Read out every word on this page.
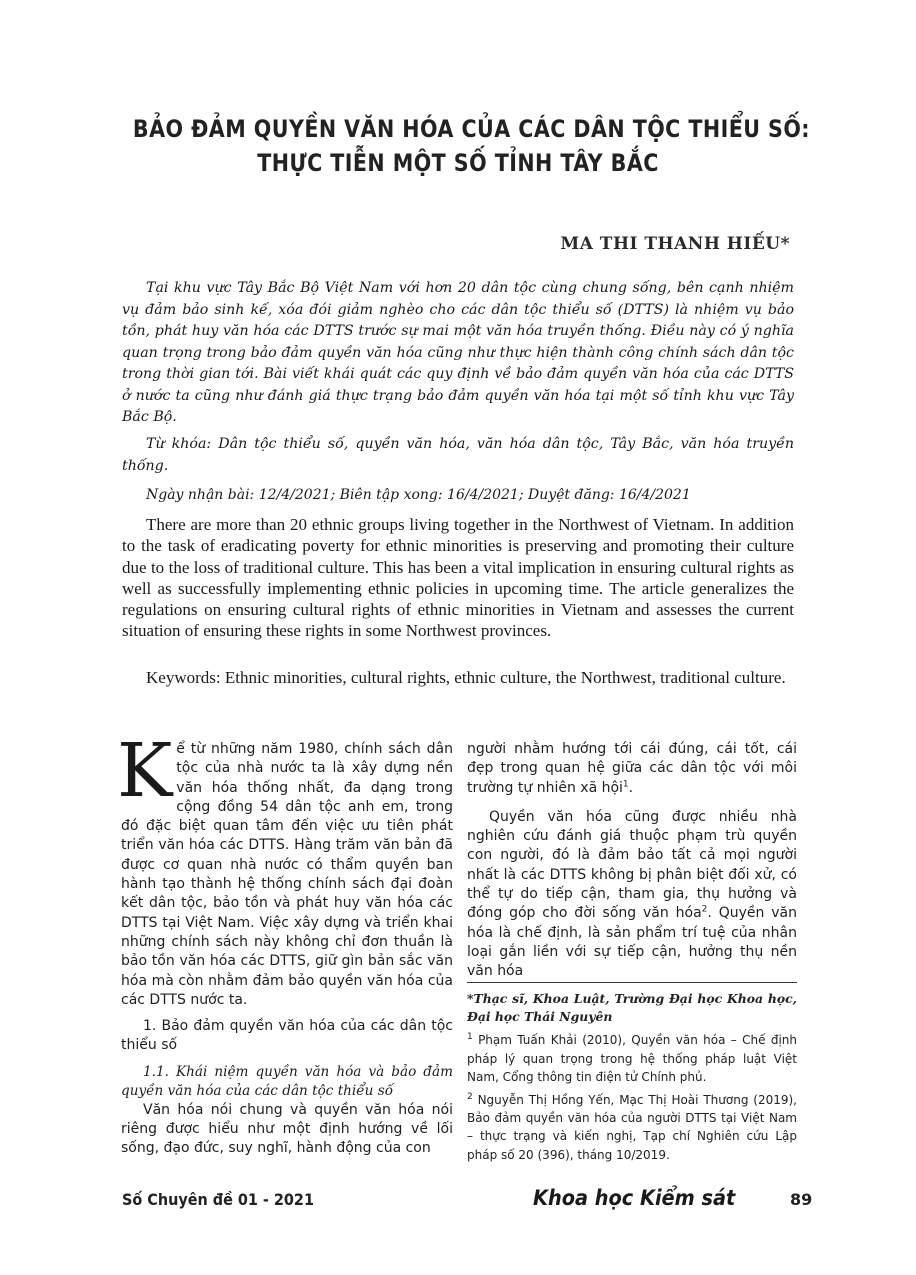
BẢO ĐẢM QUYỀN VĂN HÓA CỦA CÁC DÂN TỘC THIỂU SỐ:
THỰC TIỄN MỘT SỐ TỈNH TÂY BẮC
MA THI THANH HIẾU*

Tại khu vực Tây Bắc Bộ Việt Nam với hơn 20 dân tộc cùng chung sống, bên cạnh nhiệm vụ đảm bảo sinh kế, xóa đói giảm nghèo cho các dân tộc thiểu số (DTTS) là nhiệm vụ bảo tồn, phát huy văn hóa các DTTS trước sự mai một văn hóa truyền thống. Điều này có ý nghĩa quan trọng trong bảo đảm quyền văn hóa cũng như thực hiện thành công chính sách dân tộc trong thời gian tới. Bài viết khái quát các quy định về bảo đảm quyền văn hóa của các DTTS ở nước ta cũng như đánh giá thực trạng bảo đảm quyền văn hóa tại một số tỉnh khu vực Tây Bắc Bộ.

Từ khóa: Dân tộc thiểu số, quyền văn hóa, văn hóa dân tộc, Tây Bắc, văn hóa truyền thống.
Ngày nhận bài: 12/4/2021; Biên tập xong: 16/4/2021; Duyệt đăng: 16/4/2021

There are more than 20 ethnic groups living together in the Northwest of Vietnam. In addition to the task of eradicating poverty for ethnic minorities is preserving and promoting their culture due to the loss of traditional culture. This has been a vital implication in ensuring cultural rights as well as successfully implementing ethnic policies in upcoming time. The article generalizes the regulations on ensuring cultural rights of ethnic minorities in Vietnam and assesses the current situation of ensuring these rights in some Northwest provinces.

Keywords: Ethnic minorities, cultural rights, ethnic culture, the Northwest, traditional culture.

Kể từ những năm 1980, chính sách dân tộc của nhà nước ta là xây dựng nền văn hóa thống nhất, đa dạng trong cộng đồng 54 dân tộc anh em, trong đó đặc biệt quan tâm đến việc ưu tiên phát triển văn hóa các DTTS. Hàng trăm văn bản đã được cơ quan nhà nước có thẩm quyền ban hành tạo thành hệ thống chính sách đại đoàn kết dân tộc, bảo tồn và phát huy văn hóa các DTTS tại Việt Nam. Việc xây dựng và triển khai những chính sách này không chỉ đơn thuần là bảo tồn văn hóa các DTTS, giữ gìn bản sắc văn hóa mà còn nhằm đảm bảo quyền văn hóa của các DTTS nước ta.

1. Bảo đảm quyền văn hóa của các dân tộc thiểu số

1.1. Khái niệm quyền văn hóa và bảo đảm quyền văn hóa của các dân tộc thiểu số

Văn hóa nói chung và quyền văn hóa nói riêng được hiểu như một định hướng về lối sống, đạo đức, suy nghĩ, hành động của con

người nhằm hướng tới cái đúng, cái tốt, cái đẹp trong quan hệ giữa các dân tộc với môi trường tự nhiên xã hội$^1$.

Quyền văn hóa cũng được nhiều nhà nghiên cứu đánh giá thuộc phạm trù quyền con người, đó là đảm bảo tất cả mọi người nhất là các DTTS không bị phân biệt đối xử, có thể tự do tiếp cận, tham gia, thụ hưởng và đóng góp cho đời sống văn hóa$^2$. Quyền văn hóa là chế định, là sản phẩm trí tuệ của nhân loại gắn liền với sự tiếp cận, hưởng thụ nền văn hóa

*Thạc sĩ, Khoa Luật, Trường Đại học Khoa học, Đại học Thái Nguyên

$^1$ Phạm Tuấn Khải (2010), Quyền văn hóa – Chế định pháp lý quan trọng trong hệ thống pháp luật Việt Nam, Cổng thông tin điện tử Chính phủ.

$^2$ Nguyễn Thị Hồng Yến, Mạc Thị Hoài Thương (2019), Bảo đảm quyền văn hóa của người DTTS tại Việt Nam – thực trạng và kiến nghị, Tạp chí Nghiên cứu Lập pháp số 20 (396), tháng 10/2019.

Số Chuyên đề 01 - 2021	Khoa học Kiểm sát	89
